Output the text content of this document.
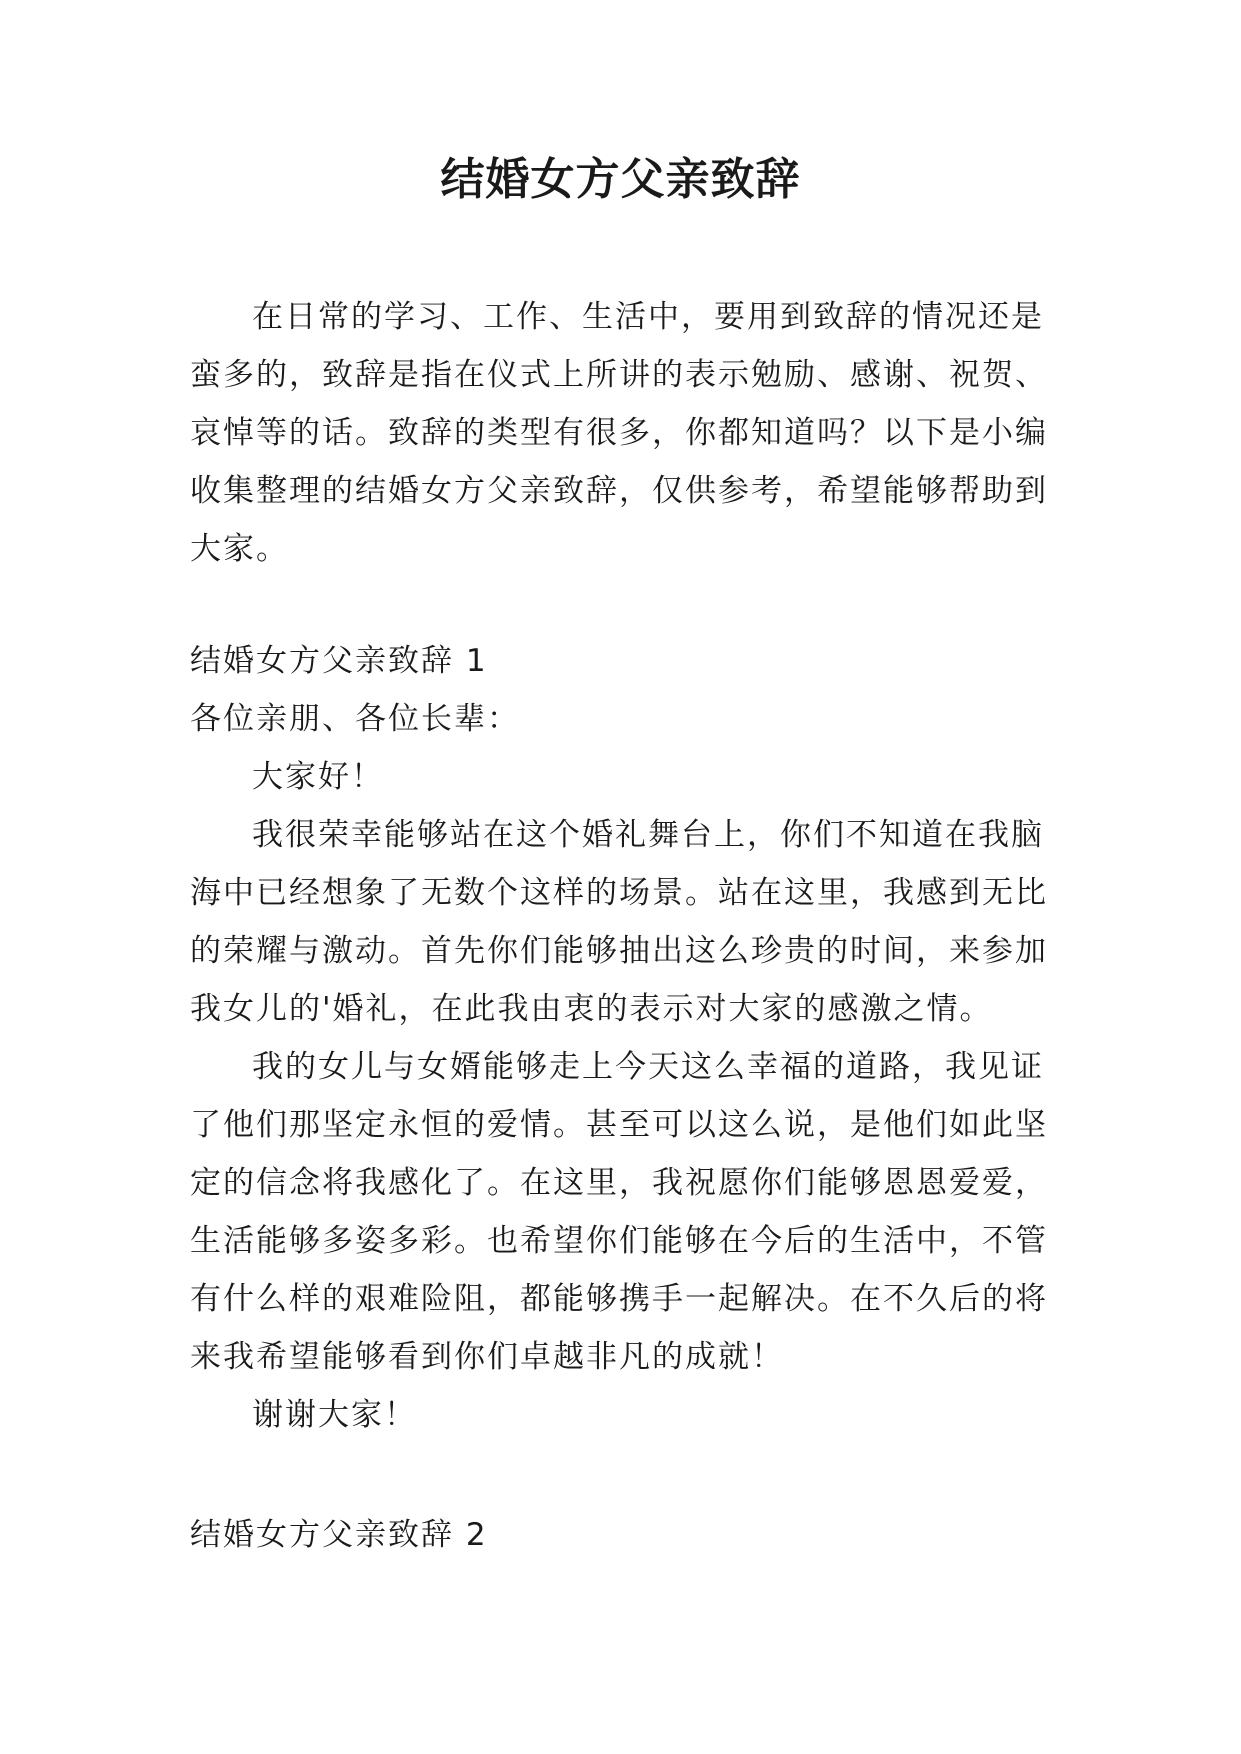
结婚女方父亲致辞

在日常的学习、工作、生活中，要用到致辞的情况还是蛮多的，致辞是指在仪式上所讲的表示勉励、感谢、祝贺、哀悼等的话。致辞的类型有很多，你都知道吗？以下是小编收集整理的结婚女方父亲致辞，仅供参考，希望能够帮助到大家。

结婚女方父亲致辞 1

各位亲朋、各位长辈：

大家好！

我很荣幸能够站在这个婚礼舞台上，你们不知道在我脑海中已经想象了无数个这样的场景。站在这里，我感到无比的荣耀与激动。首先你们能够抽出这么珍贵的时间，来参加我女儿的'婚礼，在此我由衷的表示对大家的感激之情。

我的女儿与女婿能够走上今天这么幸福的道路，我见证了他们那坚定永恒的爱情。甚至可以这么说，是他们如此坚定的信念将我感化了。在这里，我祝愿你们能够恩恩爱爱，生活能够多姿多彩。也希望你们能够在今后的生活中，不管有什么样的艰难险阻，都能够携手一起解决。在不久后的将来我希望能够看到你们卓越非凡的成就！

谢谢大家！

结婚女方父亲致辞 2
